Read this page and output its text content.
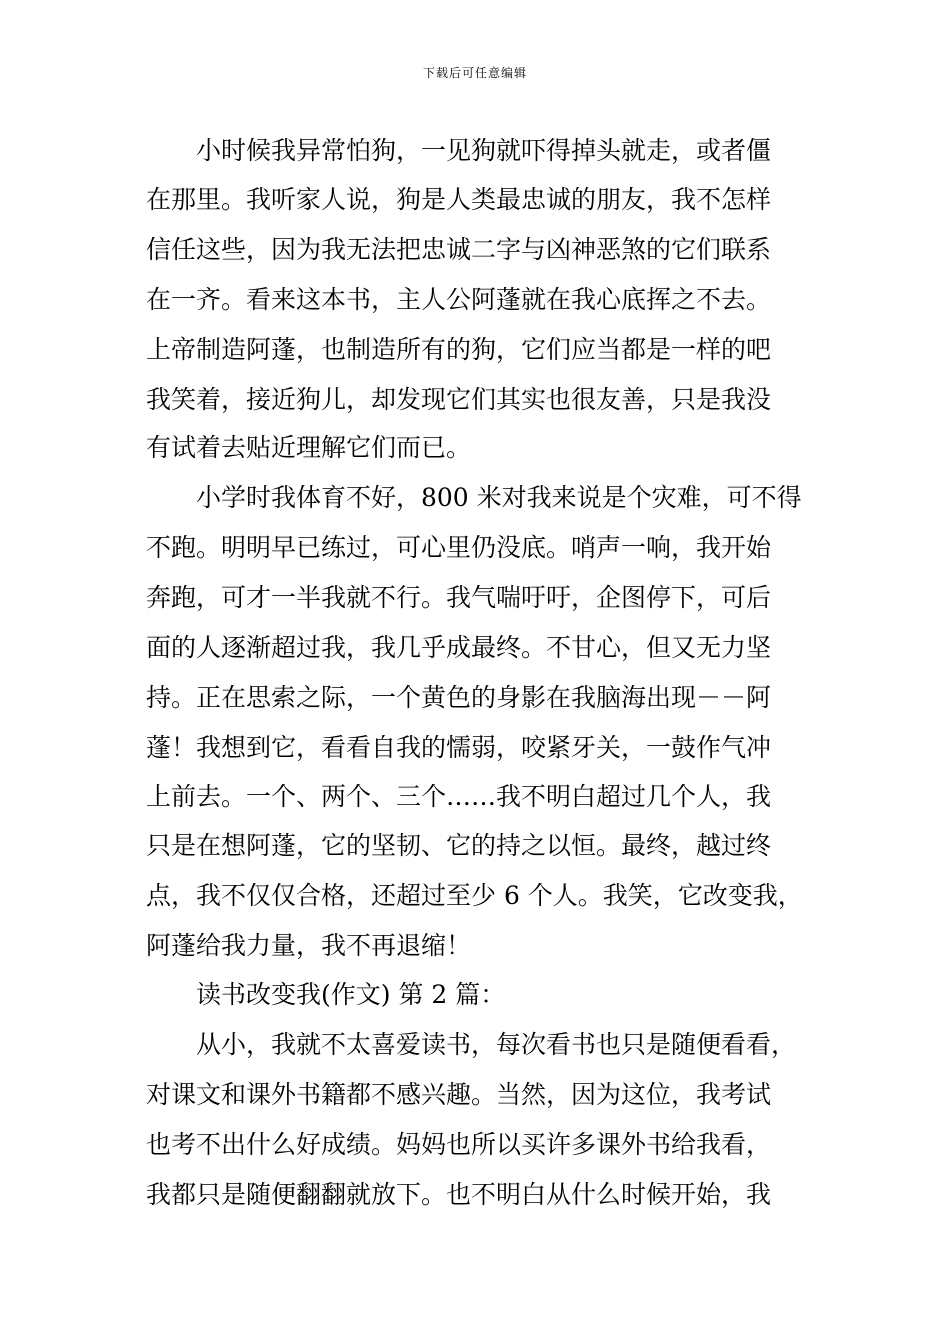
下载后可任意编辑
小时候我异常怕狗，一见狗就吓得掉头就走，或者僵
在那里。我听家人说，狗是人类最忠诚的朋友，我不怎样
信任这些，因为我无法把忠诚二字与凶神恶煞的它们联系
在一齐。看来这本书，主人公阿蓬就在我心底挥之不去。
上帝制造阿蓬，也制造所有的狗，它们应当都是一样的吧
我笑着，接近狗儿，却发现它们其实也很友善，只是我没
有试着去贴近理解它们而已。
小学时我体育不好，800 米对我来说是个灾难，可不得
不跑。明明早已练过，可心里仍没底。哨声一响，我开始
奔跑，可才一半我就不行。我气喘吁吁，企图停下，可后
面的人逐渐超过我，我几乎成最终。不甘心，但又无力坚
持。正在思索之际，一个黄色的身影在我脑海出现－－阿
蓬！我想到它，看看自我的懦弱，咬紧牙关，一鼓作气冲
上前去。一个、两个、三个……我不明白超过几个人，我
只是在想阿蓬，它的坚韧、它的持之以恒。最终，越过终
点，我不仅仅合格，还超过至少 6 个人。我笑，它改变我，
阿蓬给我力量，我不再退缩！
读书改变我(作文) 第 2 篇：
从小，我就不太喜爱读书，每次看书也只是随便看看，
对课文和课外书籍都不感兴趣。当然，因为这位，我考试
也考不出什么好成绩。妈妈也所以买许多课外书给我看，
我都只是随便翻翻就放下。也不明白从什么时候开始，我
